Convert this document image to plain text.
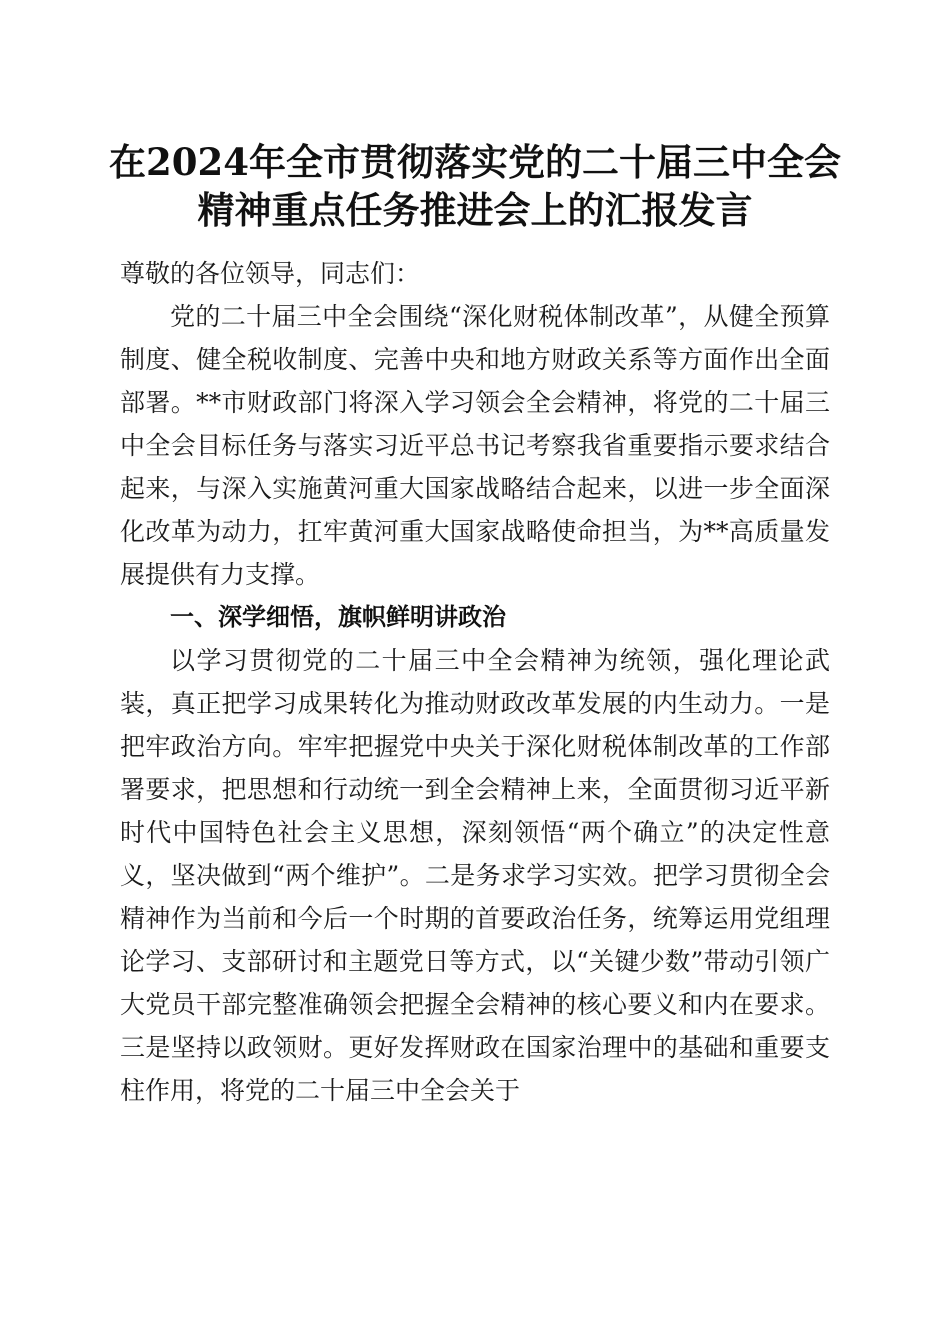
在2024年全市贯彻落实党的二十届三中全会
精神重点任务推进会上的汇报发言

尊敬的各位领导，同志们：

党的二十届三中全会围绕“深化财税体制改革”，从健全预算制度、健全税收制度、完善中央和地方财政关系等方面作出全面部署。**市财政部门将深入学习领会全会精神，将党的二十届三中全会目标任务与落实习近平总书记考察我省重要指示要求结合起来，与深入实施黄河重大国家战略结合起来，以进一步全面深化改革为动力，扛牢黄河重大国家战略使命担当，为**高质量发展提供有力支撑。

一、深学细悟，旗帜鲜明讲政治

以学习贯彻党的二十届三中全会精神为统领，强化理论武装，真正把学习成果转化为推动财政改革发展的内生动力。一是把牢政治方向。牢牢把握党中央关于深化财税体制改革的工作部署要求，把思想和行动统一到全会精神上来，全面贯彻习近平新时代中国特色社会主义思想，深刻领悟“两个确立”的决定性意义，坚决做到“两个维护”。二是务求学习实效。把学习贯彻全会精神作为当前和今后一个时期的首要政治任务，统筹运用党组理论学习、支部研讨和主题党日等方式，以“关键少数”带动引领广大党员干部完整准确领会把握全会精神的核心要义和内在要求。三是坚持以政领财。更好发挥财政在国家治理中的基础和重要支柱作用，将党的二十届三中全会关于
